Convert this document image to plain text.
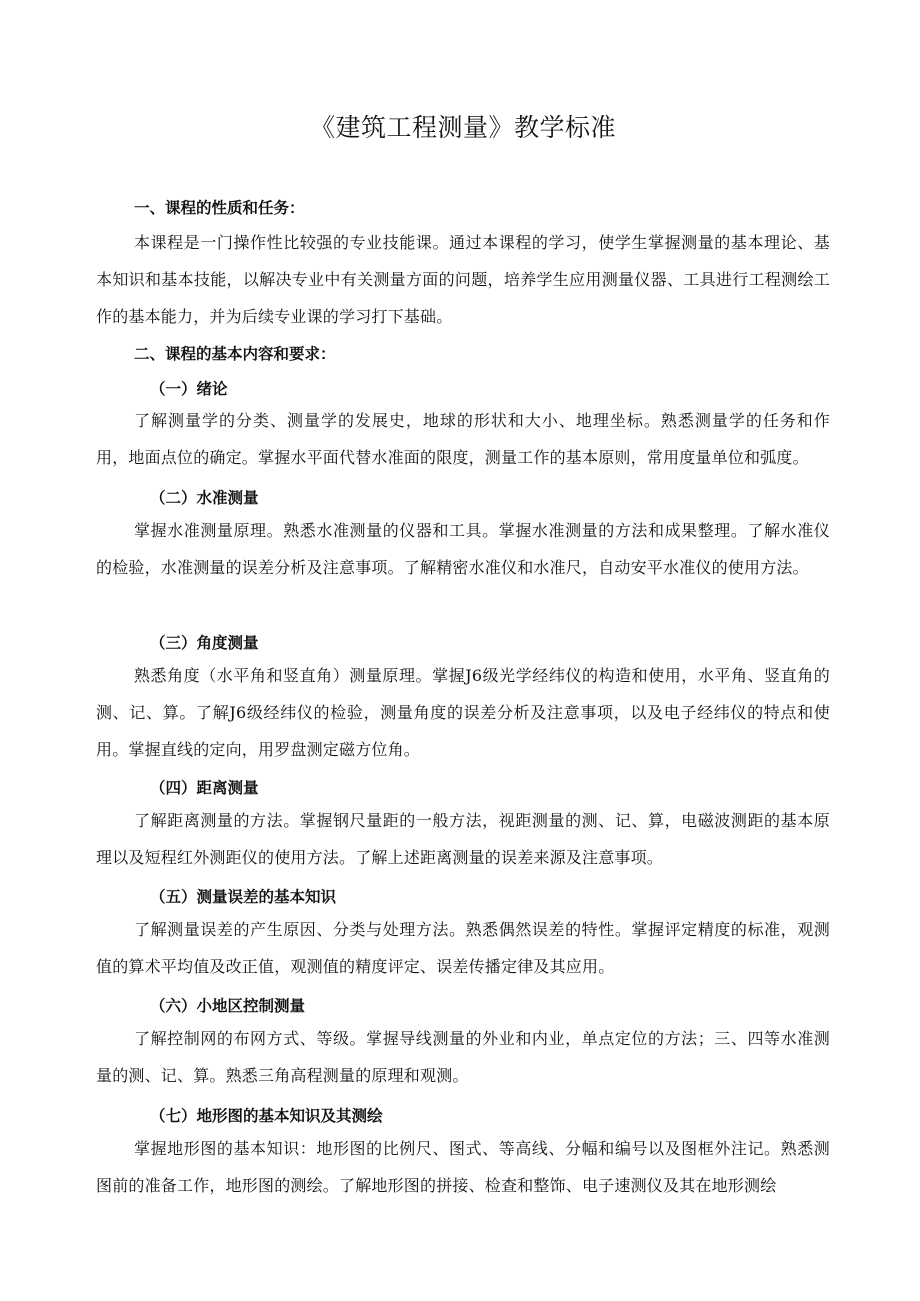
《建筑工程测量》教学标准
一、课程的性质和任务：

本课程是一门操作性比较强的专业技能课。通过本课程的学习，使学生掌握测量的基本理论、基本知识和基本技能，以解决专业中有关测量方面的问题，培养学生应用测量仪器、工具进行工程测绘工作的基本能力，并为后续专业课的学习打下基础。

二、课程的基本内容和要求：
（一）绪论

了解测量学的分类、测量学的发展史，地球的形状和大小、地理坐标。熟悉测量学的任务和作用，地面点位的确定。掌握水平面代替水准面的限度，测量工作的基本原则，常用度量单位和弧度。

（二）水准测量

掌握水准测量原理。熟悉水准测量的仪器和工具。掌握水准测量的方法和成果整理。了解水准仪的检验，水准测量的误差分析及注意事项。了解精密水准仪和水准尺，自动安平水准仪的使用方法。

（三）角度测量

熟悉角度（水平角和竖直角）测量原理。掌握J6级光学经纬仪的构造和使用，水平角、竖直角的测、记、算。了解J6级经纬仪的检验，测量角度的误差分析及注意事项，以及电子经纬仪的特点和使用。掌握直线的定向，用罗盘测定磁方位角。

（四）距离测量

了解距离测量的方法。掌握钢尺量距的一般方法，视距测量的测、记、算，电磁波测距的基本原理以及短程红外测距仪的使用方法。了解上述距离测量的误差来源及注意事项。

（五）测量误差的基本知识

了解测量误差的产生原因、分类与处理方法。熟悉偶然误差的特性。掌握评定精度的标准，观测值的算术平均值及改正值，观测值的精度评定、误差传播定律及其应用。

（六）小地区控制测量

了解控制网的布网方式、等级。掌握导线测量的外业和内业，单点定位的方法；三、四等水准测量的测、记、算。熟悉三角高程测量的原理和观测。

（七）地形图的基本知识及其测绘

掌握地形图的基本知识：地形图的比例尺、图式、等高线、分幅和编号以及图框外注记。熟悉测图前的准备工作，地形图的测绘。了解地形图的拼接、检查和整饰、电子速测仪及其在地形测绘
